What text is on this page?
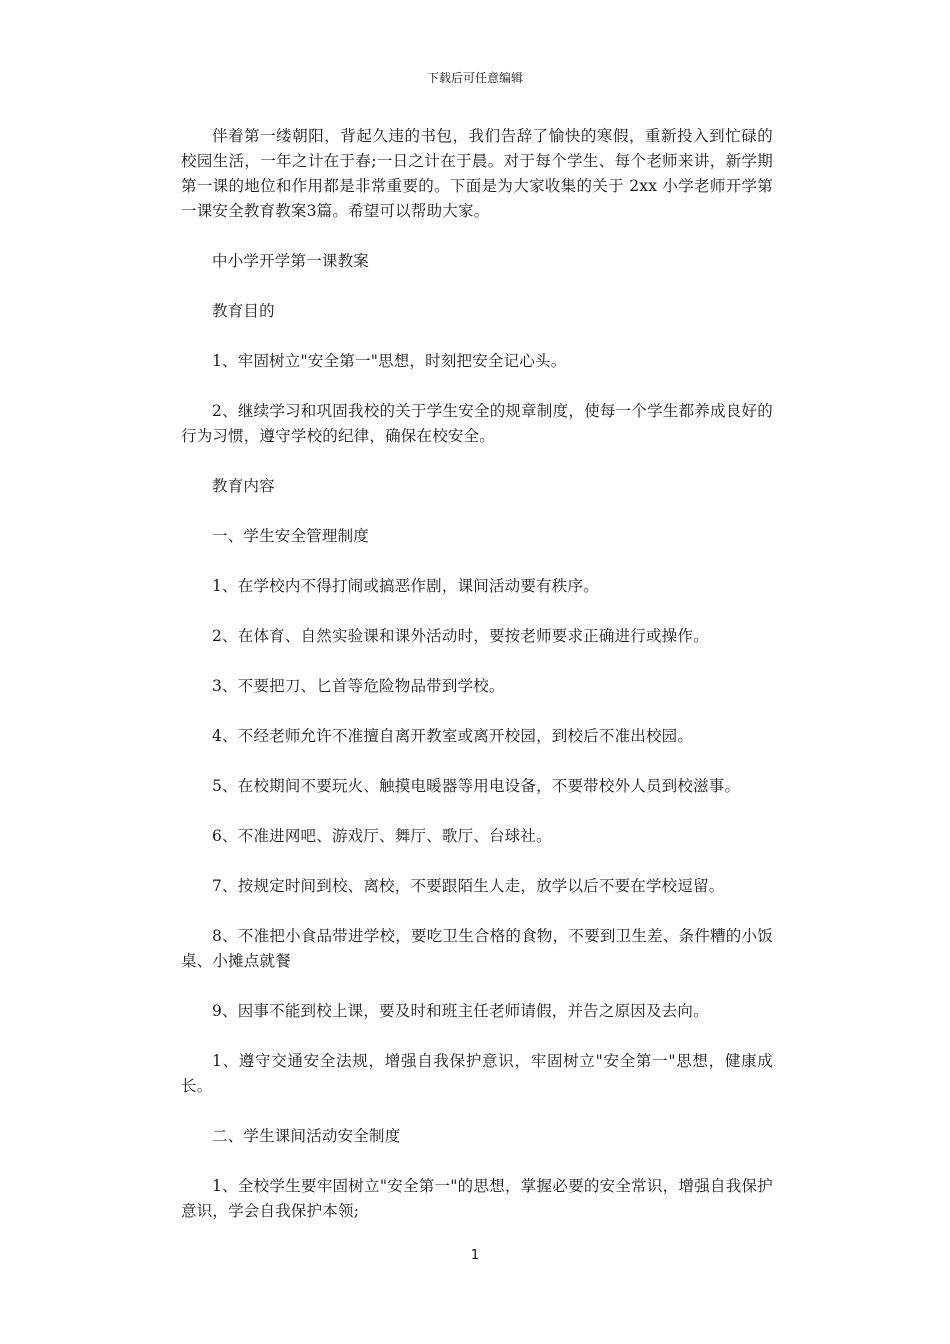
下载后可任意编辑

伴着第一缕朝阳，背起久违的书包，我们告辞了愉快的寒假，重新投入到忙碌的校园生活，一年之计在于春;一日之计在于晨。对于每个学生、每个老师来讲，新学期第一课的地位和作用都是非常重要的。下面是为大家收集的关于 2xx 小学老师开学第一课安全教育教案3篇。希望可以帮助大家。

中小学开学第一课教案

教育目的

1、牢固树立"安全第一"思想，时刻把安全记心头。

2、继续学习和巩固我校的关于学生安全的规章制度，使每一个学生都养成良好的行为习惯，遵守学校的纪律，确保在校安全。

教育内容

一、学生安全管理制度

1、在学校内不得打闹或搞恶作剧，课间活动要有秩序。

2、在体育、自然实验课和课外活动时，要按老师要求正确进行或操作。

3、不要把刀、匕首等危险物品带到学校。

4、不经老师允许不准擅自离开教室或离开校园，到校后不准出校园。

5、在校期间不要玩火、触摸电暖器等用电设备，不要带校外人员到校滋事。

6、不准进网吧、游戏厅、舞厅、歌厅、台球社。

7、按规定时间到校、离校，不要跟陌生人走，放学以后不要在学校逗留。

8、不准把小食品带进学校，要吃卫生合格的食物，不要到卫生差、条件糟的小饭桌、小摊点就餐

9、因事不能到校上课，要及时和班主任老师请假，并告之原因及去向。

1、遵守交通安全法规，增强自我保护意识，牢固树立"安全第一"思想，健康成长。

二、学生课间活动安全制度

1、全校学生要牢固树立"安全第一"的思想，掌握必要的安全常识，增强自我保护意识，学会自我保护本领;

1
